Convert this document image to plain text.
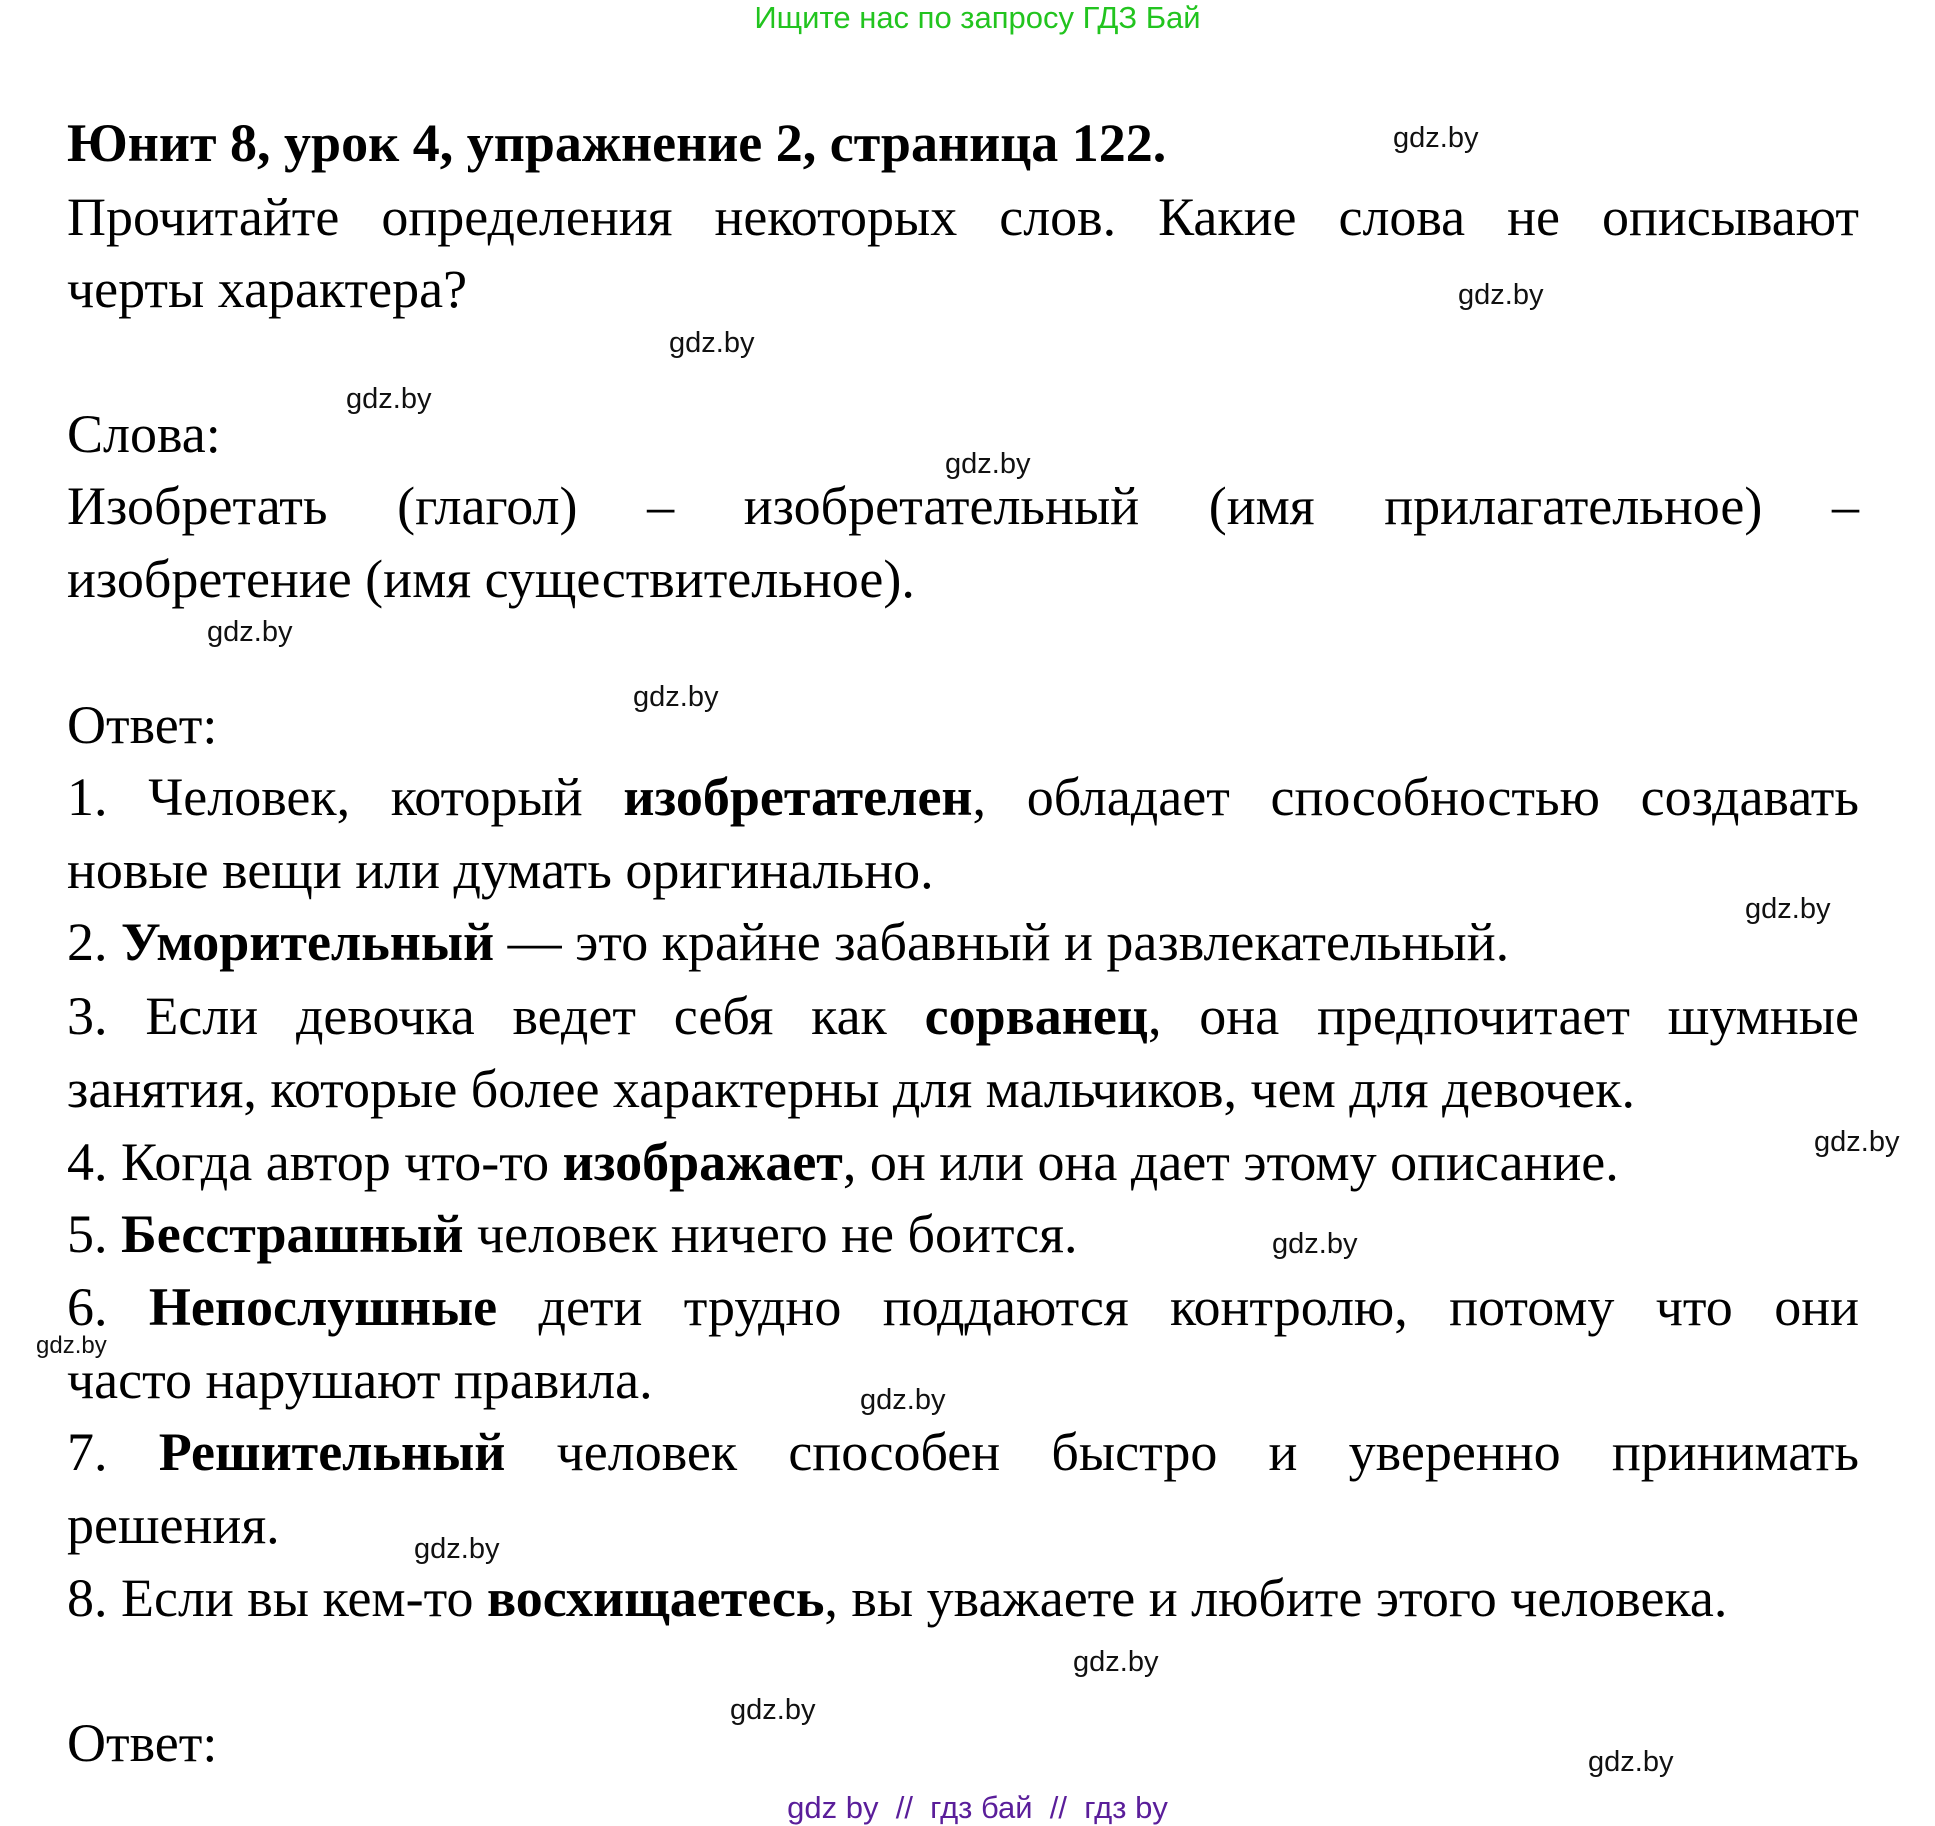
Ищите нас по запросу ГДЗ Бай
Юнит 8, урок 4, упражнение 2, страница 122.
Прочитайте определения некоторых слов. Какие слова не описывают
черты характера?
Слова:
Изобретать (глагол) – изобретательный (имя прилагательное) –
изобретение (имя существительное).
Ответ:
1. Человек, который изобретателен, обладает способностью создавать
новые вещи или думать оригинально.
2. Уморительный — это крайне забавный и развлекательный.
3. Если девочка ведет себя как сорванец, она предпочитает шумные
занятия, которые более характерны для мальчиков, чем для девочек.
4. Когда автор что-то изображает, он или она дает этому описание.
5. Бесстрашный человек ничего не боится.
6. Непослушные дети трудно поддаются контролю, потому что они
часто нарушают правила.
7. Решительный человек способен быстро и уверенно принимать
решения.
8. Если вы кем-то восхищаетесь, вы уважаете и любите этого человека.
Ответ:
gdz.by
gdz.by
gdz.by
gdz.by
gdz.by
gdz.by
gdz.by
gdz.by
gdz.by
gdz.by
gdz.by
gdz.by
gdz.by
gdz.by
gdz.by
gdz.by
gdz by  //  гдз бай  //  гдз by
